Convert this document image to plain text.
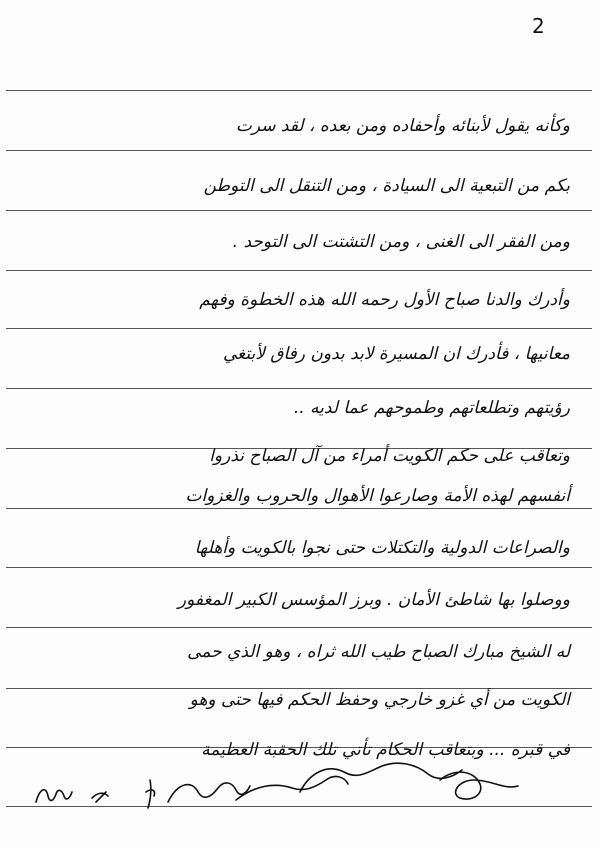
2
وكأنه يقول لأبنائه وأحفاده ومن بعده ، لقد سرت
بكم من التبعية الى السيادة ، ومن التنقل الى التوطن
ومن الفقر الى الغنى ، ومن التشتت الى التوحد .
وأدرك والدنا صباح الأول رحمه الله هذه الخطوة وفهم
معانيها ، فأدرك ان المسيرة لابد بدون رفاق لأبتغي
رؤيتهم وتطلعاتهم وطموحهم عما لديه ..
وتعاقب على حكم الكويت أمراء من آل الصباح نذروا
أنفسهم لهذه الأمة وصارعوا الأهوال والحروب والغزوات
والصراعات الدولية والتكتلات حتى نجوا بالكويت وأهلها
ووصلوا بها شاطئ الأمان . وبرز المؤسس الكبير المغفور
له الشيخ مبارك الصباح طيب الله ثراه ، وهو الذي حمى
الكويت من أي غزو خارجي وحفظ الحكم فيها حتى وهو
في قبره ... وبتعاقب الحكام تأتي تلك الحقبة العظيمة
